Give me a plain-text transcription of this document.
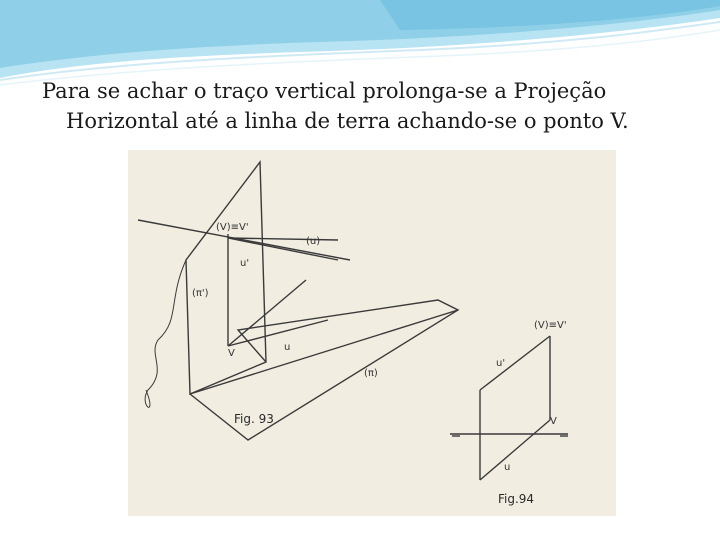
Para se achar o traço vertical prolonga-se a Projeção
Horizontal até a linha de terra achando-se o ponto V.
(V)≡V'
(u)
u'
(π')
V
u
(π)
Fig. 93
(V)≡V'
u'
V
u
Fig.94
